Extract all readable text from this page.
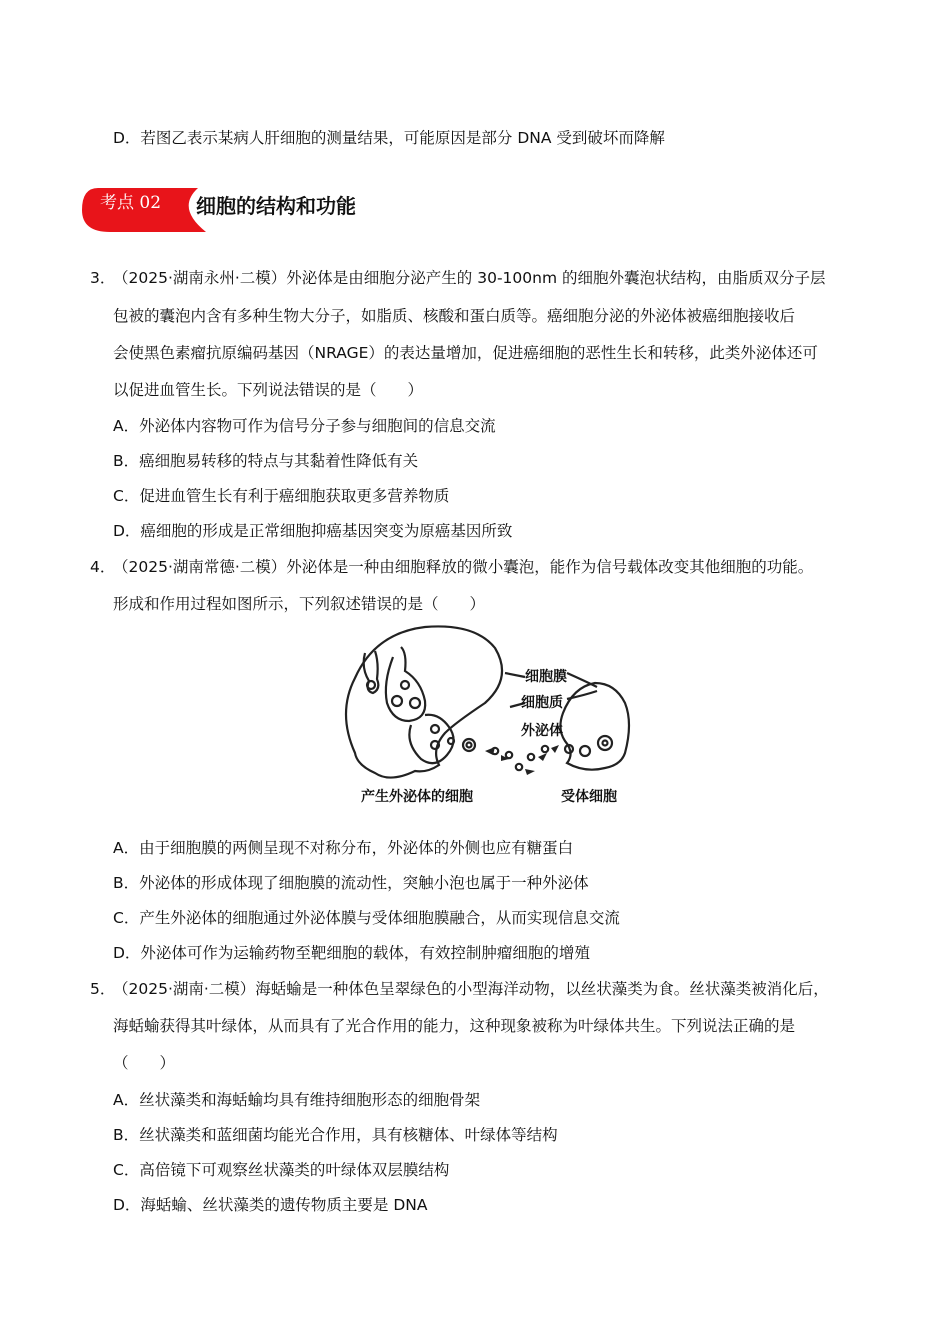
D．若图乙表示某病人肝细胞的测量结果，可能原因是部分 DNA 受到破坏而降解
考点 02 细胞的结构和功能
3．
（2025·湖南永州·二模）外泌体是由细胞分泌产生的 30-100nm 的细胞外囊泡状结构，由脂质双分子层
包被的囊泡内含有多种生物大分子，如脂质、核酸和蛋白质等。癌细胞分泌的外泌体被癌细胞接收后
会使黑色素瘤抗原编码基因（NRAGE）的表达量增加，促进癌细胞的恶性生长和转移，此类外泌体还可
以促进血管生长。下列说法错误的是（　　）
A．外泌体内容物可作为信号分子参与细胞间的信息交流
B．癌细胞易转移的特点与其黏着性降低有关
C．促进血管生长有利于癌细胞获取更多营养物质
D．癌细胞的形成是正常细胞抑癌基因突变为原癌基因所致
4．
（2025·湖南常德·二模）外泌体是一种由细胞释放的微小囊泡，能作为信号载体改变其他细胞的功能。
形成和作用过程如图所示，下列叙述错误的是（　　）
细胞膜
细胞质
外泌体
产生外泌体的细胞	受体细胞
A．由于细胞膜的两侧呈现不对称分布，外泌体的外侧也应有糖蛋白
B．外泌体的形成体现了细胞膜的流动性，突触小泡也属于一种外泌体
C．产生外泌体的细胞通过外泌体膜与受体细胞膜融合，从而实现信息交流
D．外泌体可作为运输药物至靶细胞的载体，有效控制肿瘤细胞的增殖
5．
（2025·湖南·二模）海蛞蝓是一种体色呈翠绿色的小型海洋动物，以丝状藻类为食。丝状藻类被消化后，
海蛞蝓获得其叶绿体，从而具有了光合作用的能力，这种现象被称为叶绿体共生。下列说法正确的是
（　　）
A．丝状藻类和海蛞蝓均具有维持细胞形态的细胞骨架
B．丝状藻类和蓝细菌均能光合作用，具有核糖体、叶绿体等结构
C．高倍镜下可观察丝状藻类的叶绿体双层膜结构
D．海蛞蝓、丝状藻类的遗传物质主要是 DNA
